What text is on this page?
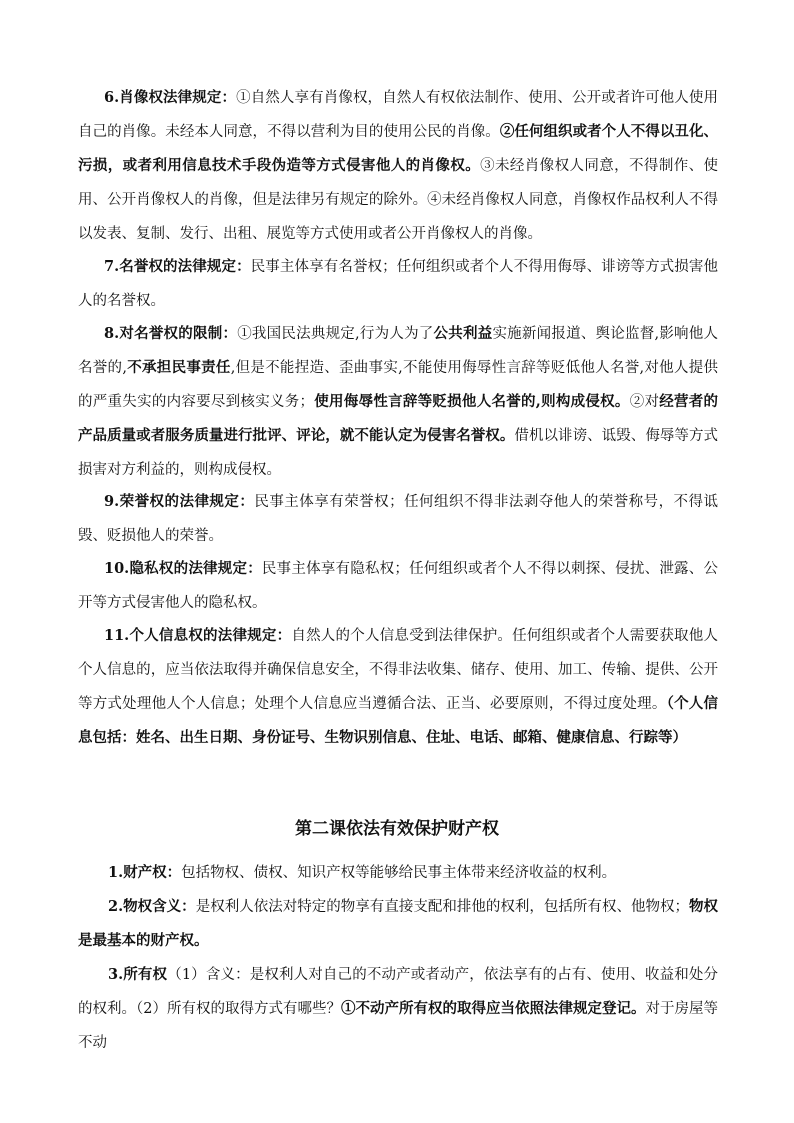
6.肖像权法律规定：①自然人享有肖像权，自然人有权依法制作、使用、公开或者许可他人使用自己的肖像。未经本人同意，不得以营利为目的使用公民的肖像。②任何组织或者个人不得以丑化、污损，或者利用信息技术手段伪造等方式侵害他人的肖像权。③未经肖像权人同意，不得制作、使用、公开肖像权人的肖像，但是法律另有规定的除外。④未经肖像权人同意，肖像权作品权利人不得以发表、复制、发行、出租、展览等方式使用或者公开肖像权人的肖像。

7.名誉权的法律规定：民事主体享有名誉权；任何组织或者个人不得用侮辱、诽谤等方式损害他人的名誉权。

8.对名誉权的限制：①我国民法典规定,行为人为了公共利益实施新闻报道、舆论监督,影响他人名誉的,不承担民事责任,但是不能捏造、歪曲事实,不能使用侮辱性言辞等贬低他人名誉,对他人提供的严重失实的内容要尽到核实义务；使用侮辱性言辞等贬损他人名誉的,则构成侵权。②对经营者的产品质量或者服务质量进行批评、评论，就不能认定为侵害名誉权。借机以诽谤、诋毁、侮辱等方式损害对方利益的，则构成侵权。

9.荣誉权的法律规定：民事主体享有荣誉权；任何组织不得非法剥夺他人的荣誉称号，不得诋毁、贬损他人的荣誉。

10.隐私权的法律规定：民事主体享有隐私权；任何组织或者个人不得以刺探、侵扰、泄露、公开等方式侵害他人的隐私权。

11.个人信息权的法律规定：自然人的个人信息受到法律保护。任何组织或者个人需要获取他人个人信息的，应当依法取得并确保信息安全，不得非法收集、储存、使用、加工、传输、提供、公开等方式处理他人个人信息；处理个人信息应当遵循合法、正当、必要原则，不得过度处理。（个人信息包括：姓名、出生日期、身份证号、生物识别信息、住址、电话、邮箱、健康信息、行踪等）

第二课依法有效保护财产权

1.财产权：包括物权、债权、知识产权等能够给民事主体带来经济收益的权利。

2.物权含义：是权利人依法对特定的物享有直接支配和排他的权利，包括所有权、他物权；物权是最基本的财产权。

3.所有权（1）含义：是权利人对自己的不动产或者动产，依法享有的占有、使用、收益和处分的权利。（2）所有权的取得方式有哪些？①不动产所有权的取得应当依照法律规定登记。对于房屋等不动
